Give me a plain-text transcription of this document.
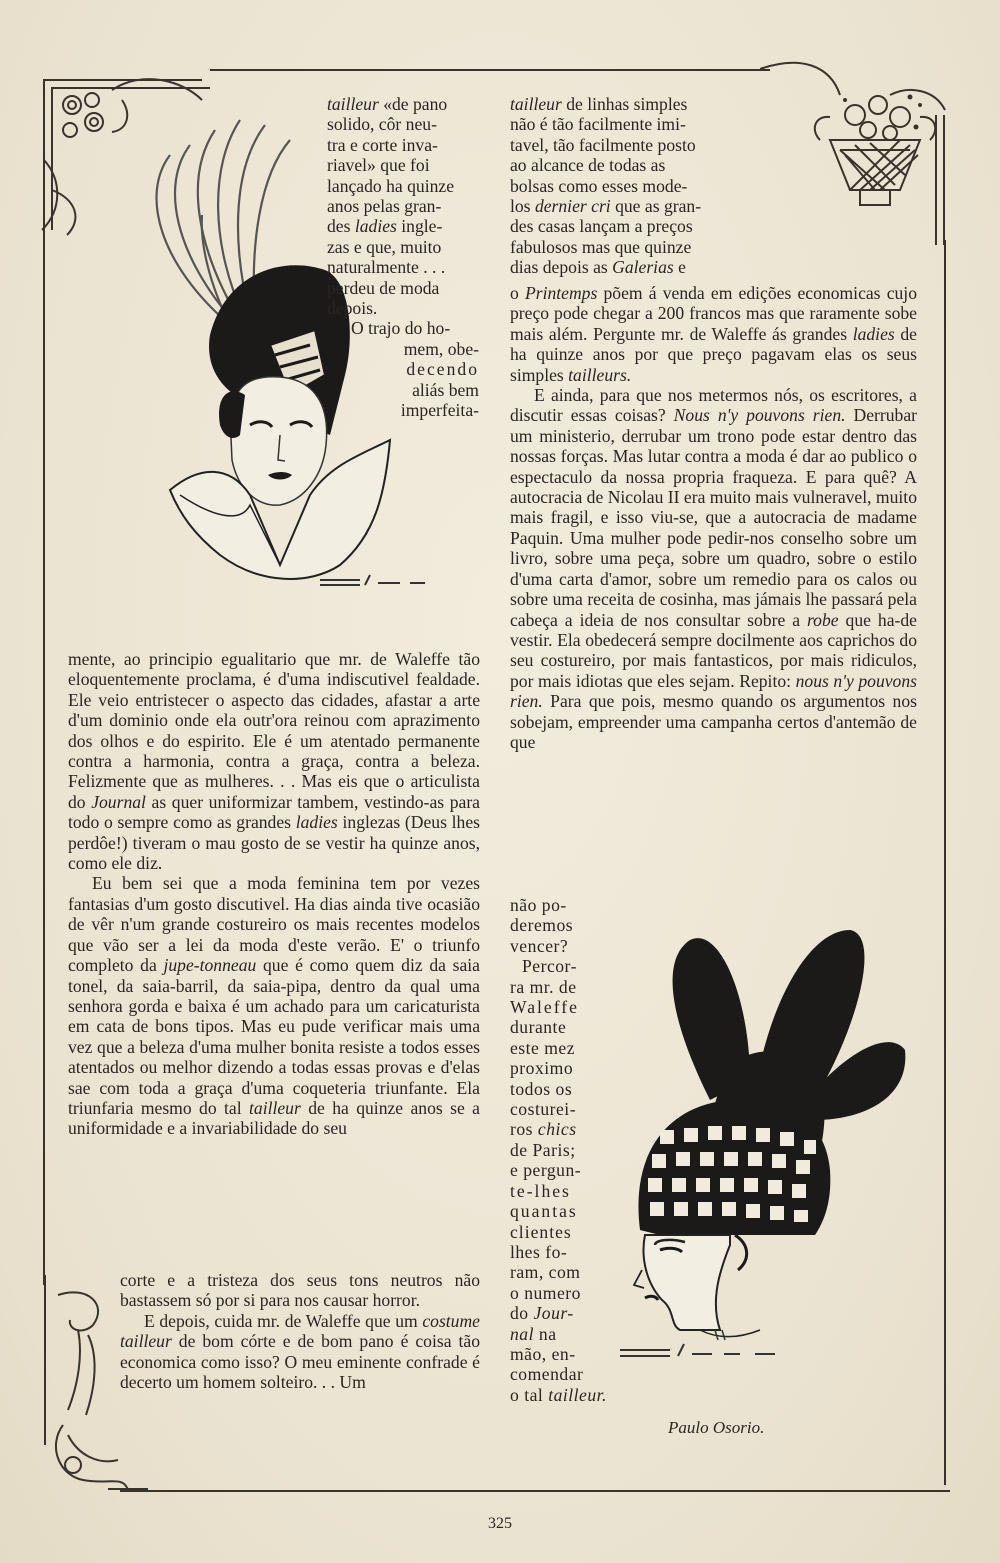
tailleur «de pano

solido, côr neu-

tra e corte inva-

riavel» que foi

lançado ha quinze

anos pelas gran-

des ladies ingle-

zas e que, muito

naturalmente . . .

perdeu de moda

depois.

O trajo do ho-

mem, obe-

decendo

aliás bem

imperfeita-

mente, ao principio egualitario que mr. de Waleffe tão eloquentemente proclama, é d'uma indiscutivel fealdade. Ele veio entristecer o aspecto das cidades, afastar a arte d'um dominio onde ela outr'ora reinou com aprazimento dos olhos e do espirito. Ele é um atentado permanente contra a harmonia, contra a graça, contra a beleza. Felizmente que as mulheres. . . Mas eis que o articulista do Journal as quer uniformizar tambem, vestindo-as para todo o sempre como as grandes ladies inglezas (Deus lhes perdôe!) tiveram o mau gosto de se vestir ha quinze anos, como ele diz.

Eu bem sei que a moda feminina tem por vezes fantasias d'um gosto discutivel. Ha dias ainda tive ocasião de vêr n'um grande costureiro os mais recentes modelos que vão ser a lei da moda d'este verão. E' o triunfo completo da jupe-tonneau que é como quem diz da saia tonel, da saia-barril, da saia-pipa, dentro da qual uma senhora gorda e baixa é um achado para um caricaturista em cata de bons tipos. Mas eu pude verificar mais uma vez que a beleza d'uma mulher bonita resiste a todos esses atentados ou melhor dizendo a todas essas provas e d'elas sae com toda a graça d'uma coqueteria triunfante. Ela triunfaria mesmo do tal tailleur de ha quinze anos se a uniformidade e a invariabilidade do seu

corte e a tristeza dos seus tons neutros não bastassem só por si para nos causar horror.

E depois, cuida mr. de Waleffe que um costume tailleur de bom córte e de bom pano é coisa tão economica como isso? O meu eminente confrade é decerto um homem solteiro. . . Um

tailleur de linhas simples

não é tão facilmente imi-

tavel, tão facilmente posto

ao alcance de todas as

bolsas como esses mode-

los dernier cri que as gran-

des casas lançam a preços

fabulosos mas que quinze

dias depois as Galerias e

o Printemps põem á venda em edições economicas cujo preço pode chegar a 200 francos mas que raramente sobe mais além. Pergunte mr. de Waleffe ás grandes ladies de ha quinze anos por que preço pagavam elas os seus simples tailleurs.

E ainda, para que nos metermos nós, os escritores, a discutir essas coisas? Nous n'y pouvons rien. Derrubar um ministerio, derrubar um trono pode estar dentro das nossas forças. Mas lutar contra a moda é dar ao publico o espectaculo da nossa propria fraqueza. E para quê? A autocracia de Nicolau II era muito mais vulneravel, muito mais fragil, e isso viu-se, que a autocracia de madame Paquin. Uma mulher pode pedir-nos conselho sobre um livro, sobre uma peça, sobre um quadro, sobre o estilo d'uma carta d'amor, sobre um remedio para os calos ou sobre uma receita de cosinha, mas jámais lhe passará pela cabeça a ideia de nos consultar sobre a robe que ha-de vestir. Ela obedecerá sempre docilmente aos caprichos do seu costureiro, por mais fantasticos, por mais ridiculos, por mais idiotas que eles sejam. Repito: nous n'y pouvons rien. Para que pois, mesmo quando os argumentos nos sobejam, empreender uma campanha certos d'antemão de que

não po-

deremos

vencer?

Percor-

ra mr. de

Waleffe

durante

este mez

proximo

todos os

costurei-

ros chics

de Paris;

e pergun-

te-lhes

quantas

clientes

lhes fo-

ram, com

o numero

do Jour-

nal na

mão, en-

comendar

o tal tailleur.

Paulo Osorio.
325
